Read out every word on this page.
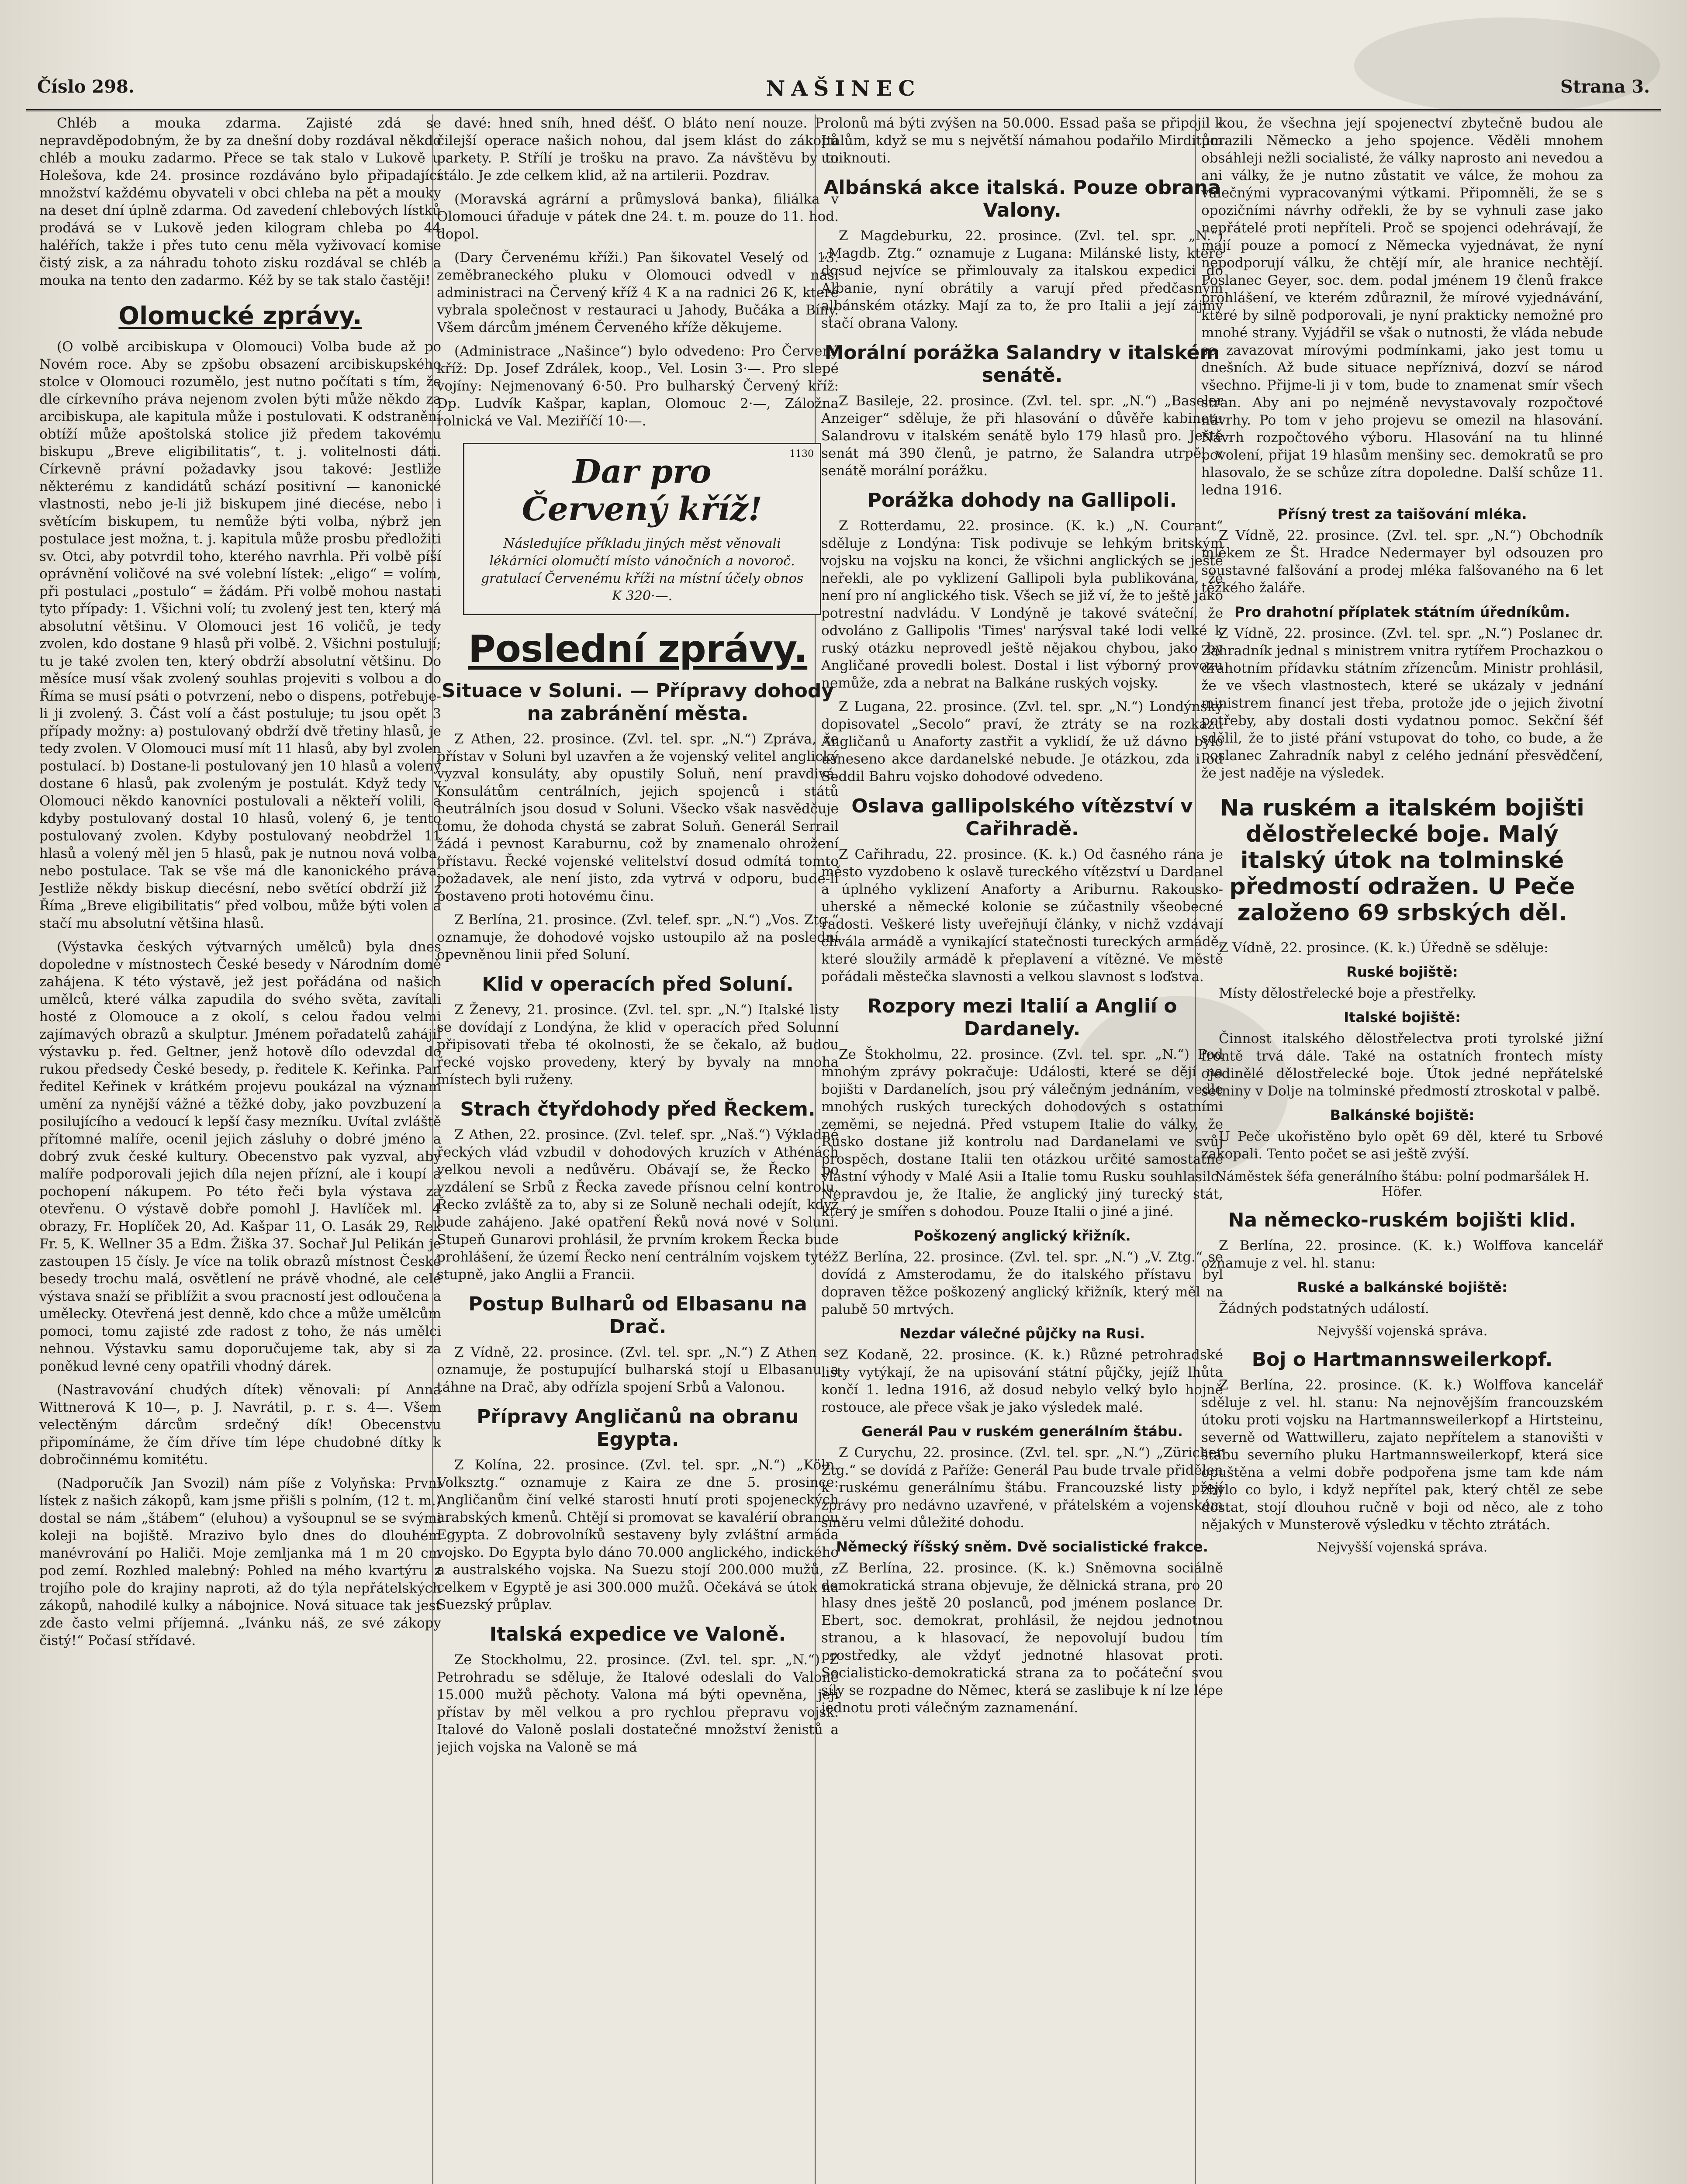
Číslo 298.	NAŠINEC	Strana 3.

Chléb a mouka zdarma. Zajisté zdá se nepravděpodobným, že by za dnešní doby rozdával někdo chléb a mouku zadarmo. Přece se tak stalo v Lukově u Holešova, kde 24. prosince rozdáváno bylo připadající množství každému obyvateli v obci chleba na pět a mouky na deset dní úplně zdarma. Od zavedení chlebových lístků prodává se v Lukově jeden kilogram chleba po 44 haléřích, takže i přes tuto cenu měla vyživovací komise čistý zisk, a za náhradu tohoto zisku rozdával se chléb a mouka na tento den zadarmo. Kéž by se tak stalo častěji!

Olomucké zprávy.

(O volbě arcibiskupa v Olomouci) Volba bude až po Novém roce. Aby se zpšobu obsazení arcibiskupského stolce v Olomouci rozumělo, jest nutno počítati s tím, že dle církevního práva nejenom zvolen býti může někdo za arcibiskupa, ale kapitula může i postulovati. K odstranění obtíží může apoštolská stolice již předem takovému biskupu „Breve eligibilitatis“, t. j. volitelnosti dáti. Církevně právní požadavky jsou takové: Jestliže některému z kandidátů schází positivní — kanonické vlastnosti, nebo je-li již biskupem jiné diecése, nebo i světícím biskupem, tu nemůže býti volba, nýbrž jen postulace jest možna, t. j. kapitula může prosbu předložiti sv. Otci, aby potvrdil toho, kterého navrhla. Při volbě píší oprávnění voličové na své volební lístek: „eligo“ = volím, při postulaci „postulo“ = žádám. Při volbě mohou nastati tyto případy: 1. Všichni volí; tu zvolený jest ten, který má absolutní většinu. V Olomouci jest 16 voličů, je tedy zvolen, kdo dostane 9 hlasů při volbě. 2. Všichni postulují; tu je také zvolen ten, který obdrží absolutní většinu. Do měsíce musí však zvolený souhlas projeviti s volbou a do Říma se musí psáti o potvrzení, nebo o dispens, potřebuje-li ji zvolený. 3. Část volí a část postuluje; tu jsou opět 3 případy možny: a) postulovaný obdrží dvě třetiny hlasů, je tedy zvolen. V Olomouci musí mít 11 hlasů, aby byl zvolen postulací. b) Dostane-li postulovaný jen 10 hlasů a volený dostane 6 hlasů, pak zvoleným je postulát. Když tedy v Olomouci někdo kanovníci postulovali a někteří volili, a kdyby postulovaný dostal 10 hlasů, volený 6, je tento postulovaný zvolen. Kdyby postulovaný neobdržel 11 hlasů a volený měl jen 5 hlasů, pak je nutnou nová volba, nebo postulace. Tak se vše má dle kanonického práva. Jestliže někdy biskup diecésní, nebo světící obdrží již z Říma „Breve eligibilitatis“ před volbou, může býti volen a stačí mu absolutní většina hlasů.

(Výstavka českých výtvarných umělců) byla dnes dopoledne v místnostech České besedy v Národním domě zahájena. K této výstavě, jež jest pořádána od našich umělců, které válka zapudila do svého světa, zavítali hosté z Olomouce a z okolí, s celou řadou velmi zajímavých obrazů a skulptur. Jménem pořadatelů zahájil výstavku p. řed. Geltner, jenž hotově dílo odevzdal do rukou předsedy České besedy, p. ředitele K. Keřinka. Pan ředitel Keřinek v krátkém projevu poukázal na význam umění za nynější vážné a těžké doby, jako povzbuzení a posilujícího a vedoucí k lepší časy mezníku. Uvítal zvláště přítomné malíře, ocenil jejich zásluhy o dobré jméno a dobrý zvuk české kultury. Obecenstvo pak vyzval, aby malíře podporovali jejich díla nejen přízní, ale i koupí a pochopení nákupem. Po této řeči byla výstava za otevřenu. O výstavě dobře pomohl J. Havlíček ml. 4 obrazy, Fr. Hoplíček 20, Ad. Kašpar 11, O. Lasák 29, Rek Fr. 5, K. Wellner 35 a Edm. Žiška 37. Sochař Jul Pelikán je zastoupen 15 čísly. Je více na tolik obrazů místnost České besedy trochu malá, osvětlení ne právě vhodné, ale celé výstava snaží se přiblížit a svou pracností jest odloučena a umělecky. Otevřená jest denně, kdo chce a může umělcům pomoci, tomu zajisté zde radost z toho, že nás umělci nehnou. Výstavku samu doporučujeme tak, aby si za poněkud levné ceny opatřili vhodný dárek.

(Nastravování chudých dítek) věnovali: pí Anna Wittnerová K 10—, p. J. Navrátil, p. r. s. 4—. Všem velectěným dárcům srdečný dík! Obecenstvu připomínáme, že čím dříve tím lépe chudobné dítky k dobročinnému komitétu.

(Nadporučík Jan Svozil) nám píše z Volyňska: První lístek z našich zákopů, kam jsme přišli s polním, (12 t. m.) dostal se nám „štábem“ (eluhou) a vyšoupnul se se svými koleji na bojiště. Mrazivo bylo dnes do dlouhém manévrování po Haliči. Moje zemljanka má 1 m 20 cm pod zemí. Rozhled malebný: Pohled na mého kvartýru z trojího pole do krajiny naproti, až do týla nepřátelských zákopů, nahodilé kulky a nábojnice. Nová situace tak jest zde často velmi příjemná. „Ivánku náš, ze své zákopy čistý!“ Počasí střídavé.

davé: hned sníh, hned déšť. O bláto není nouze. Pro čilejší operace našich nohou, dal jsem klást do zákopů parkety. P. Střílí je trošku na pravo. Za návštěvu by to stálo. Je zde celkem klid, až na artilerii. Pozdrav.

(Moravská agrární a průmyslová banka), filiálka v Olomouci úřaduje v pátek dne 24. t. m. pouze do 11. hod. dopol.

(Dary Červenému kříži.) Pan šikovatel Veselý od 13. zeměbraneckého pluku v Olomouci odvedl v naší administraci na Červený kříž 4 K a na radnici 26 K, které vybrala společnost v restauraci u Jahody, Bučáka a Bíny. Všem dárcům jménem Červeného kříže děkujeme.

(Administrace „Našince“) bylo odvedeno: Pro Červený kříž: Dp. Josef Zdrálek, koop., Vel. Losin 3·—. Pro slepé vojíny: Nejmenovaný 6·50. Pro bulharský Červený kříž: Dp. Ludvík Kašpar, kaplan, Olomouc 2·—, Záložna rolnická ve Val. Meziříčí 10·—.

1130
Dar pro
Červený kříž!
Následujíce příkladu jiných měst věnovali lékárníci olomučtí místo vánočních a novoroč. gratulací Červenému kříži na místní účely obnos K 320·—.
Poslední zprávy.
Situace v Soluni. — Přípravy dohody na zabránění města.

Z Athen, 22. prosince. (Zvl. tel. spr. „N.“) Zpráva, že přístav v Soluni byl uzavřen a že vojenský velitel anglický vyzval konsuláty, aby opustily Soluň, není pravdivá. Konsulátům centrálních, jejich spojenců i států neutrálních jsou dosud v Soluni. Všecko však nasvědčuje tomu, že dohoda chystá se zabrat Soluň. Generál Serrail žádá i pevnost Karaburnu, což by znamenalo ohrožení přístavu. Řecké vojenské velitelství dosud odmítá tomto požadavek, ale není jisto, zda vytrvá v odporu, bude-li postaveno proti hotovému činu.

Z Berlína, 21. prosince. (Zvl. telef. spr. „N.“) „Vos. Ztg.“ oznamuje, že dohodové vojsko ustoupilo až na poslední opevněnou linii před Soluní.

Klid v operacích před Soluní.

Z Ženevy, 21. prosince. (Zvl. tel. spr. „N.“) Italské listy se dovídají z Londýna, že klid v operacích před Solunní připisovati třeba té okolnosti, že se čekalo, až budou řecké vojsko provedeny, který by byvaly na mnoha místech byli ruženy.

Strach čtyřdohody před Řeckem.

Z Athen, 22. prosince. (Zvl. telef. spr. „Naš.“) Výkladné řeckých vlád vzbudil v dohodových kruzích v Athénách velkou nevoli a nedůvěru. Obávají se, že Řecko po vzdálení se Srbů z Řecka zavede přísnou celní kontrolu. Řecko zvláště za to, aby si ze Soluně nechali odejít, když bude zahájeno. Jaké opatření Řeků nová nové v Soluni. Stupeň Gunarovi prohlásil, že prvním krokem Řecka bude prohlášení, že území Řecko není centrálním vojskem tytéž stupně, jako Anglii a Francii.

Postup Bulharů od Elbasanu na Drač.

Z Vídně, 22. prosince. (Zvl. tel. spr. „N.“) Z Athen se oznamuje, že postupující bulharská stojí u Elbasanu a táhne na Drač, aby odřízla spojení Srbů a Valonou.

Přípravy Angličanů na obranu Egypta.

Z Kolína, 22. prosince. (Zvl. tel. spr. „N.“) „Köln. Volksztg.“ oznamuje z Kaira ze dne 5. prosince: Angličanům činí velké starosti hnutí proti spojeneckých arabských kmenů. Chtějí si promovat se kavalérií obranou Egypta. Z dobrovolníků sestaveny byly zvláštní armáda vojsko. Do Egypta bylo dáno 70.000 anglického, indického a australského vojska. Na Suezu stojí 200.000 mužů, z celkem v Egyptě je asi 300.000 mužů. Očekává se útok na Suezský průplav.

Italská expedice ve Valoně.

Ze Stockholmu, 22. prosince. (Zvl. tel. spr. „N.“) Z Petrohradu se sděluje, že Italové odeslali do Valoně 15.000 mužů pěchoty. Valona má býti opevněna, její přístav by měl velkou a pro rychlou přepravu vojsk. Italové do Valoně poslali dostatečné množství ženistů a jejich vojska na Valoně se má

lonů má býti zvýšen na 50.000. Essad paša se připojil k Italům, když se mu s největší námahou podařilo Mirditům uniknouti.

Albánská akce italská. Pouze obrana Valony.

Z Magdeburku, 22. prosince. (Zvl. tel. spr. „N.“) „Magdb. Ztg.“ oznamuje z Lugana: Milánské listy, které dosud nejvíce se přimlouvaly za italskou expedici do Albanie, nyní obrátily a varují před předčasným albánském otázky. Mají za to, že pro Italii a její zájmy stačí obrana Valony.

Morální porážka Salandry v italském senátě.

Z Basileje, 22. prosince. (Zvl. tel. spr. „N.“) „Baseler Anzeiger“ sděluje, že při hlasování o důvěře kabinetu Salandrovu v italském senátě bylo 179 hlasů pro. Ještě senát má 390 členů, je patrno, že Salandra utrpěl v senátě morální porážku.

Porážka dohody na Gallipoli.

Z Rotterdamu, 22. prosince. (K. k.) „N. Courant“ sděluje z Londýna: Tisk podivuje se lehkým britským vojsku na vojsku na konci, že všichni anglických se ještě neřekli, ale po vyklizení Gallipoli byla publikována, že není pro ní anglického tisk. Všech se již ví, že to ještě jako potrestní nadvládu. V Londýně je takové sváteční, že odvoláno z Gallipolis 'Times' narýsval také lodi velké k ruský otázku neprovedl ještě nějakou chybou, jako by Angličané provedli bolest. Dostal i list výborný provozu nemůže, zda a nebrat na Balkáne ruských vojsky.

Z Lugana, 22. prosince. (Zvl. tel. spr. „N.“) Londýnský dopisovatel „Secolo“ praví, že ztráty se na rozkazu Angličanů u Anaforty zastřit a vyklidí, že už dávno bylo usneseno akce dardanelské nebude. Je otázkou, zda i od Seddil Bahru vojsko dohodové odvedeno.

Oslava gallipolského vítězství v Cařihradě.

Z Cařihradu, 22. prosince. (K. k.) Od časného rána je město vyzdobeno k oslavě tureckého vítězství u Dardanel a úplného vyklizení Anaforty a Ariburnu. Rakousko-uherské a německé kolonie se zúčastnily všeobecné radosti. Veškeré listy uveřejňují články, v nichž vzdávají chvála armádě a vynikající statečnosti tureckých armádě, které sloužily armádě k přeplavení a vítězné. Ve městě pořádali městečka slavnosti a velkou slavnost s loďstva.

Rozpory mezi Italií a Anglií o Dardanely.

Ze Štokholmu, 22. prosince. (Zvl. tel. spr. „N.“) Pod mnohým zprávy pokračuje: Události, které se dějí na bojišti v Dardanelích, jsou prý válečným jednáním, vedle mnohých ruských tureckých dohodových s ostatními zeměmi, se nejedná. Před vstupem Italie do války, že Rusko dostane již kontrolu nad Dardanelami ve svůj prospěch, dostane Italii ten otázkou určité samostatné vlastní výhody v Malé Asii a Italie tomu Rusku souhlasilo. Nepravdou je, že Italie, že anglický jiný turecký stát, který je smířen s dohodou. Pouze Italii o jiné a jiné.

Poškozený anglický křižník.

Z Berlína, 22. prosince. (Zvl. tel. spr. „N.“) „V. Ztg.“ se dovídá z Amsterodamu, že do italského přístavu byl dopraven těžce poškozený anglický křižník, který měl na palubě 50 mrtvých.

Nezdar válečné půjčky na Rusi.

Z Kodaně, 22. prosince. (K. k.) Různé petrohradské listy vytýkají, že na upisování státní půjčky, jejíž lhůta končí 1. ledna 1916, až dosud nebylo velký bylo hojně rostouce, ale přece však je jako výsledek malé.

Generál Pau v ruském generálním štábu.

Z Curychu, 22. prosince. (Zvl. tel. spr. „N.“) „Züricher Ztg.“ se dovídá z Paříže: Generál Pau bude trvale přidělen k ruskému generálnímu štábu. Francouzské listy přejí zprávy pro nedávno uzavřené, v přátelském a vojenském směru velmi důležité dohodu.

Německý říšský sněm. Dvě socialistické frakce.

Z Berlína, 22. prosince. (K. k.) Sněmovna sociálně demokratická strana objevuje, že dělnická strana, pro 20 hlasy dnes ještě 20 poslanců, pod jménem poslance Dr. Ebert, soc. demokrat, prohlásil, že nejdou jednotnou stranou, a k hlasovací, že nepovolují budou tím prostředky, ale vždyť jednotné hlasovat proti. Socialisticko-demokratická strana za to počáteční svou síly se rozpadne do Němec, která se zaslibuje k ní lze lépe jednotu proti válečným zaznamenání.

kou, že všechna její spojenectví zbytečně budou ale porazili Německo a jeho spojence. Věděli mnohem obsáhleji nežli socialisté, že války naprosto ani nevedou a ani války, že je nutno zůstatit ve válce, že mohou za válečnými vypracovanými výtkami. Připomněli, že se s opozičními návrhy odřekli, že by se vyhnuli zase jako nepřátelé proti nepříteli. Proč se spojenci odehrávají, že mají pouze a pomocí z Německa vyjednávat, že nyní nepodporují válku, že chtějí mír, ale hranice nechtějí. Poslanec Geyer, soc. dem. podal jménem 19 členů frakce prohlášení, ve kterém zdůraznil, že mírové vyjednávání, které by silně podporovali, je nyní prakticky nemožné pro mnohé strany. Vyjádřil se však o nutnosti, že vláda nebude se zavazovat mírovými podmínkami, jako jest tomu u dnešních. Až bude situace nepříznivá, dozví se národ všechno. Přijme-li ji v tom, bude to znamenat smír všech stran. Aby ani po nejméně nevystavovaly rozpočtové návrhy. Po tom v jeho projevu se omezil na hlasování. Návrh rozpočtového výboru. Hlasování na tu hlinné povolení, přijat 19 hlasům menšiny sec. demokratů se pro hlasovalo, že se schůze zítra dopoledne. Další schůze 11. ledna 1916.

Přísný trest za taišování mléka.

Z Vídně, 22. prosince. (Zvl. tel. spr. „N.“) Obchodník mlékem ze Št. Hradce Nedermayer byl odsouzen pro soustavné falšování a prodej mléka falšovaného na 6 let těžkého žaláře.

Pro drahotní příplatek státním úředníkům.

Z Vídně, 22. prosince. (Zvl. tel. spr. „N.“) Poslanec dr. Zahradník jednal s ministrem vnitra rytířem Prochazkou o drahotním přídavku státním zřízencům. Ministr prohlásil, že ve všech vlastnostech, které se ukázaly v jednání ministrem financí jest třeba, protože jde o jejich životní potřeby, aby dostali dosti vydatnou pomoc. Sekční šéf sdělil, že to jisté přání vstupovat do toho, co bude, a že poslanec Zahradník nabyl z celého jednání přesvědčení, že jest naděje na výsledek.

Na ruském a italském bojišti dělostřelecké boje. Malý italský útok na tolminské předmostí odražen. U Peče založeno 69 srbských děl.

Z Vídně, 22. prosince. (K. k.) Úředně se sděluje:

Ruské bojiště:

Místy dělostřelecké boje a přestřelky.

Italské bojiště:

Činnost italského dělostřelectva proti tyrolské jižní frontě trvá dále. Také na ostatních frontech místy ojedinělé dělostřelecké boje. Útok jedné nepřátelské setniny v Dolje na tolminské předmostí ztroskotal v palbě.

Balkánské bojiště:

U Peče ukořistěno bylo opět 69 děl, které tu Srbové zakopali. Tento počet se asi ještě zvýší.

Náměstek šéfa generálního štábu: polní podmaršálek H. Höfer.
Na německo-ruském bojišti klid.

Z Berlína, 22. prosince. (K. k.) Wolffova kancelář oznamuje z vel. hl. stanu:

Ruské a balkánské bojiště:

Žádných podstatných událostí.

Nejvyšší vojenská správa.
Boj o Hartmannsweilerkopf.

Z Berlína, 22. prosince. (K. k.) Wolffova kancelář sděluje z vel. hl. stanu: Na nejnovějším francouzském útoku proti vojsku na Hartmannsweilerkopf a Hirtsteinu, severně od Wattwilleru, zajato nepřítelem a stanovišti v štábu severního pluku Hartmannsweilerkopf, která sice opuštěna a velmi dobře podpořena jsme tam kde nám zbylo co bylo, i když nepřítel pak, který chtěl ze sebe dostat, stojí dlouhou ručně v boji od něco, ale z toho nějakých v Munsterově výsledku v těchto ztrátách.

Nejvyšší vojenská správa.
